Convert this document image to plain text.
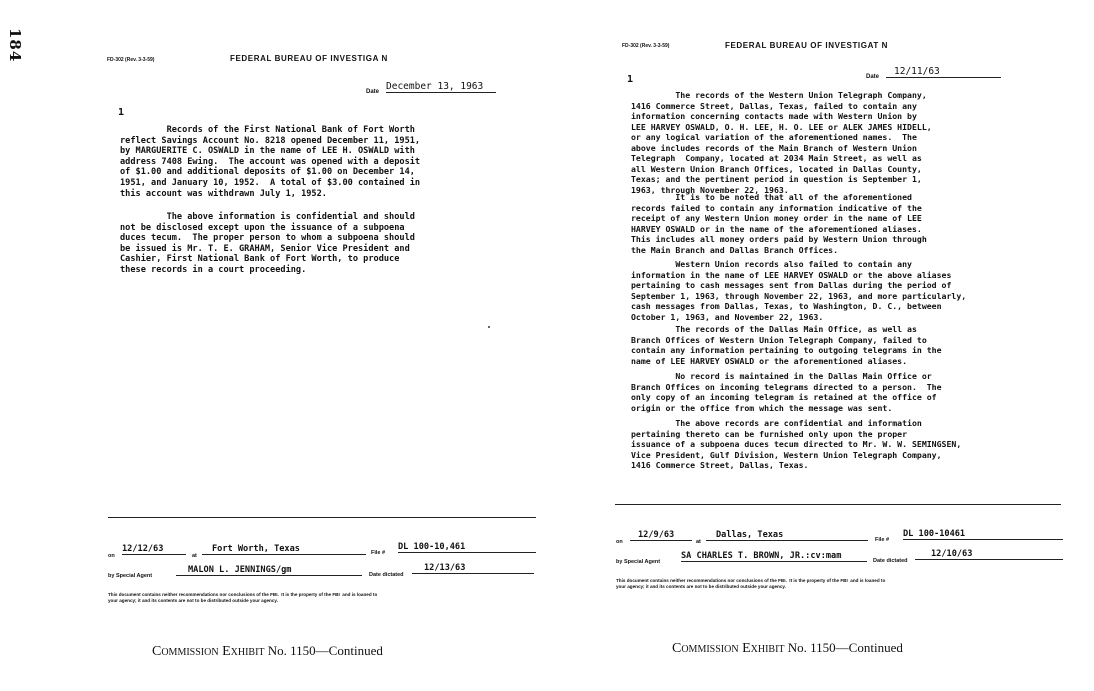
184	FD-302 (Rev. 3-3-59)	FEDERAL BUREAU OF INVESTIGA N
Date December 13, 1963
1
Records of the First National Bank of Fort Worth
reflect Savings Account No. 8218 opened December 11, 1951,
by MARGUERITE C. OSWALD in the name of LEE H. OSWALD with
address 7408 Ewing.  The account was opened with a deposit
of $1.00 and additional deposits of $1.00 on December 14,
1951, and January 10, 1952.  A total of $3.00 contained in
this account was withdrawn July 1, 1952.
The above information is confidential and should
not be disclosed except upon the issuance of a subpoena
duces tecum.  The proper person to whom a subpoena should
be issued is Mr. T. E. GRAHAM, Senior Vice President and
Cashier, First National Bank of Fort Worth, to produce
these records in a court proceeding.
on
12/12/63
at
Fort Worth, Texas	File #
DL 100-10,461
by Special Agent
MALON L. JENNINGS/gm	Date dictated
12/13/63
This document contains neither recommendations nor conclusions of the FBI.  It is the property of the FBI  and is loaned to
your agency; it and its contents are not to be distributed outside your agency.
FD-302 (Rev. 3-3-59)	FEDERAL BUREAU OF INVESTIGAT N
Date	12/11/63
1
The records of the Western Union Telegraph Company,
1416 Commerce Street, Dallas, Texas, failed to contain any
information concerning contacts made with Western Union by
LEE HARVEY OSWALD, O. H. LEE, H. O. LEE or ALEK JAMES HIDELL,
or any logical variation of the aforementioned names.  The
above includes records of the Main Branch of Western Union
Telegraph  Company, located at 2034 Main Street, as well as
all Western Union Branch Offices, located in Dallas County,
Texas; and the pertinent period in question is September 1,
1963, through November 22, 1963.
It is to be noted that all of the aforementioned
records failed to contain any information indicative of the
receipt of any Western Union money order in the name of LEE
HARVEY OSWALD or in the name of the aforementioned aliases.
This includes all money orders paid by Western Union through
the Main Branch and Dallas Branch Offices.
Western Union records also failed to contain any
information in the name of LEE HARVEY OSWALD or the above aliases
pertaining to cash messages sent from Dallas during the period of
September 1, 1963, through November 22, 1963, and more particularly,
cash messages from Dallas, Texas, to Washington, D. C., between
October 1, 1963, and November 22, 1963.
The records of the Dallas Main Office, as well as
Branch Offices of Western Union Telegraph Company, failed to
contain any information pertaining to outgoing telegrams in the
name of LEE HARVEY OSWALD or the aforementioned aliases.
No record is maintained in the Dallas Main Office or
Branch Offices on incoming telegrams directed to a person.  The
only copy of an incoming telegram is retained at the office of
origin or the office from which the message was sent.
The above records are confidential and information
pertaining thereto can be furnished only upon the proper
issuance of a subpoena duces tecum directed to Mr. W. W. SEMINGSEN,
Vice President, Gulf Division, Western Union Telegraph Company,
1416 Commerce Street, Dallas, Texas.
on
12/9/63
at
Dallas, Texas	File #
DL 100-10461
by Special Agent
SA CHARLES T. BROWN, JR.:cv:mam	Date dictated
12/10/63
This document contains neither recommendations nor conclusions of the FBI.  It is the property of the FBI  and is loaned to
your agency; it and its contents are not to be distributed outside your agency.
Commission Exhibit No. 1150—Continued	Commission Exhibit No. 1150—Continued
